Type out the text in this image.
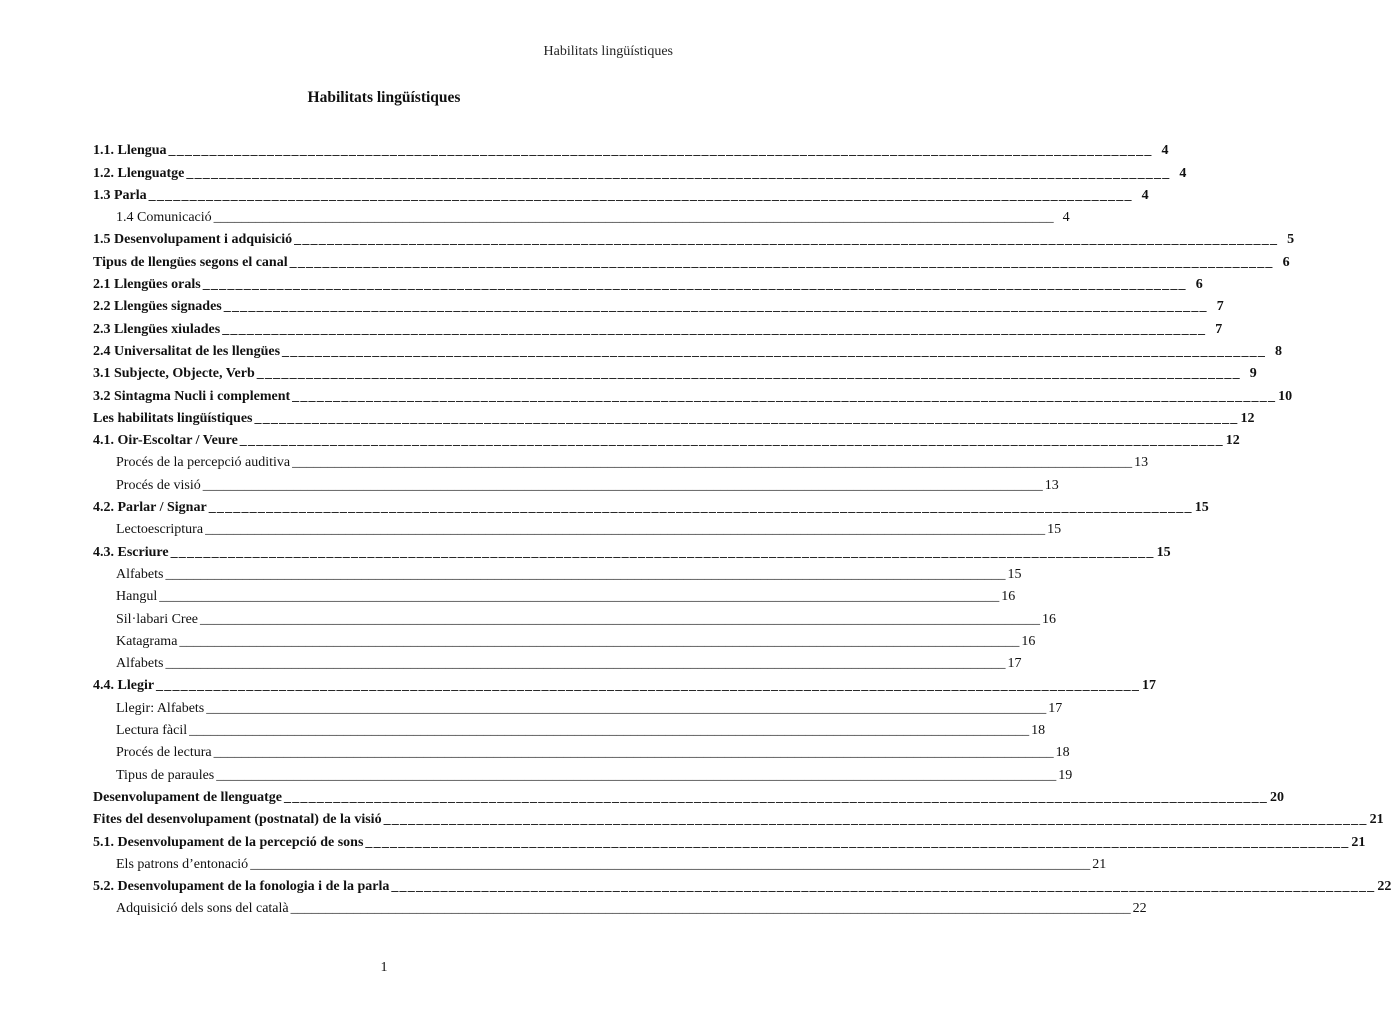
Habilitats lingüístiques
Habilitats lingüístiques
1.1. Llengua ________________________________________________________________________________________________________________________ 4
1.2. Llenguatge ________________________________________________________________________________________________________________________ 4
1.3 Parla ________________________________________________________________________________________________________________________ 4
1.4 Comunicació ________________________________________________________________________________________________________________________ 4
1.5 Desenvolupament i adquisició ________________________________________________________________________________________________________________________ 5
Tipus de llengües segons el canal ________________________________________________________________________________________________________________________ 6
2.1 Llengües orals ________________________________________________________________________________________________________________________ 6
2.2 Llengües signades ________________________________________________________________________________________________________________________ 7
2.3 Llengües xiulades ________________________________________________________________________________________________________________________ 7
2.4 Universalitat de les llengües ________________________________________________________________________________________________________________________ 8
3.1 Subjecte, Objecte, Verb ________________________________________________________________________________________________________________________ 9
3.2 Sintagma Nucli i complement ________________________________________________________________________________________________________________________ 10
Les habilitats lingüístiques ________________________________________________________________________________________________________________________ 12
4.1. Oir-Escoltar / Veure ________________________________________________________________________________________________________________________ 12
Procés de la percepció auditiva ________________________________________________________________________________________________________________________ 13
Procés de visió ________________________________________________________________________________________________________________________ 13
4.2. Parlar / Signar ________________________________________________________________________________________________________________________ 15
Lectoescriptura ________________________________________________________________________________________________________________________ 15
4.3. Escriure ________________________________________________________________________________________________________________________ 15
Alfabets ________________________________________________________________________________________________________________________ 15
Hangul ________________________________________________________________________________________________________________________ 16
Sil·labari Cree ________________________________________________________________________________________________________________________ 16
Katagrama ________________________________________________________________________________________________________________________ 16
Alfabets ________________________________________________________________________________________________________________________ 17
4.4. Llegir ________________________________________________________________________________________________________________________ 17
Llegir: Alfabets ________________________________________________________________________________________________________________________ 17
Lectura fàcil ________________________________________________________________________________________________________________________ 18
Procés de lectura ________________________________________________________________________________________________________________________ 18
Tipus de paraules ________________________________________________________________________________________________________________________ 19
Desenvolupament de llenguatge ________________________________________________________________________________________________________________________ 20
Fites del desenvolupament (postnatal) de la visió ________________________________________________________________________________________________________________________ 21
5.1. Desenvolupament de la percepció de sons ________________________________________________________________________________________________________________________ 21
Els patrons d’entonació ________________________________________________________________________________________________________________________ 21
5.2. Desenvolupament de la fonologia i de la parla ________________________________________________________________________________________________________________________ 22
Adquisició dels sons del català ________________________________________________________________________________________________________________________ 22
1
